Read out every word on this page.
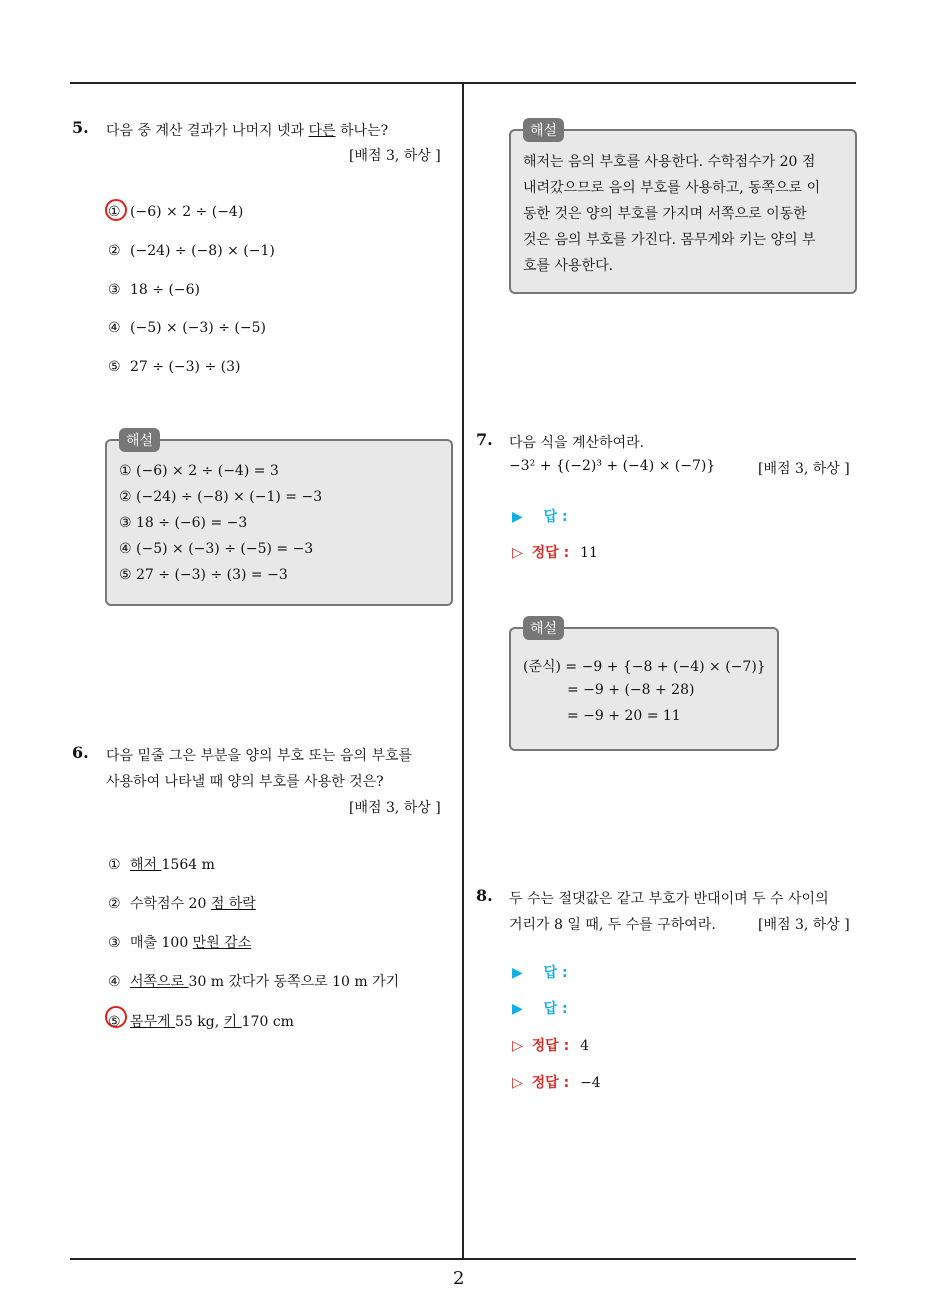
5. 다음 중 계산 결과가 나머지 넷과 다른 하나는?
[배점 3, 하상 ]
① (−6) × 2 ÷ (−4)
② (−24) ÷ (−8) × (−1)
③ 18 ÷ (−6)
④ (−5) × (−3) ÷ (−5)
⑤ 27 ÷ (−3) ÷ (3)
해설
① (−6) × 2 ÷ (−4) = 3
② (−24) ÷ (−8) × (−1) = −3
③ 18 ÷ (−6) = −3
④ (−5) × (−3) ÷ (−5) = −3
⑤ 27 ÷ (−3) ÷ (3) = −3
6. 다음 밑줄 그은 부분을 양의 부호 또는 음의 부호를
사용하여 나타낼 때 양의 부호를 사용한 것은?
[배점 3, 하상 ]
① 해저 1564 m
② 수학점수 20 점 하락
③ 매출 100 만원 감소
④ 서쪽으로 30 m 갔다가 동쪽으로 10 m 가기
⑤ 몸무게 55 kg, 키 170 cm
해설
해저는 음의 부호를 사용한다. 수학점수가 20 점
내려갔으므로 음의 부호를 사용하고, 동쪽으로 이
동한 것은 양의 부호를 가지며 서쪽으로 이동한
것은 음의 부호를 가진다. 몸무게와 키는 양의 부
호를 사용한다.
7. 다음 식을 계산하여라.
−3² + {(−2)³ + (−4) × (−7)}	[배점 3, 하상 ]
▶ 답 :
▷ 정답 : 11
해설
(준식) = −9 + {−8 + (−4) × (−7)}
= −9 + (−8 + 28)
= −9 + 20 = 11
8. 두 수는 절댓값은 같고 부호가 반대이며 두 수 사이의
거리가 8 일 때, 두 수를 구하여라.	[배점 3, 하상 ]
▶ 답 :
▶ 답 :
▷ 정답 : 4
▷ 정답 : −4
2
